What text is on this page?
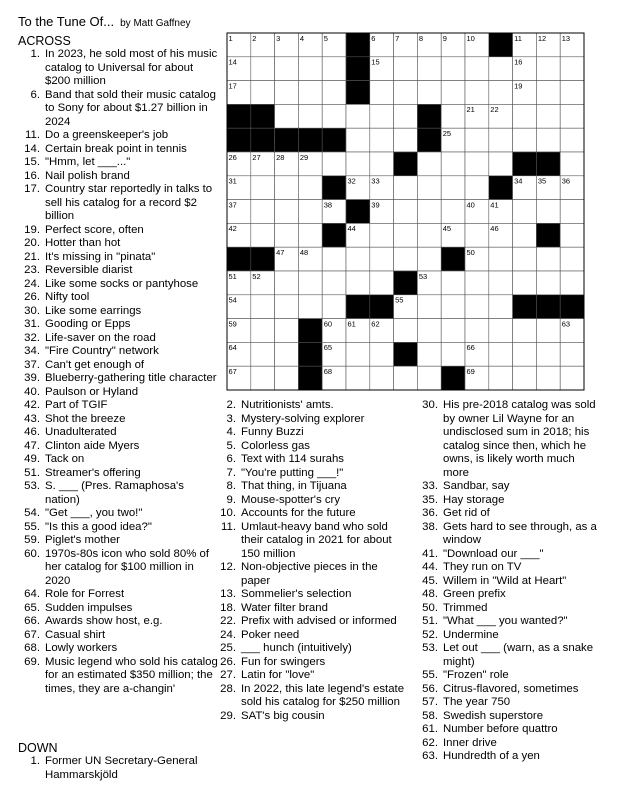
To the Tune Of... by Matt Gaffney
ACROSS
1. In 2023, he sold most of his music catalog to Universal for about $200 million
6. Band that sold their music catalog to Sony for about $1.27 billion in 2024
11. Do a greenskeeper's job
14. Certain break point in tennis
15. "Hmm, let ___..."
16. Nail polish brand
17. Country star reportedly in talks to sell his catalog for a record $2 billion
19. Perfect score, often
20. Hotter than hot
21. It's missing in "pinata"
23. Reversible diarist
24. Like some socks or pantyhose
26. Nifty tool
30. Like some earrings
31. Gooding or Epps
32. Life-saver on the road
34. "Fire Country" network
37. Can't get enough of
39. Blueberry-gathering title character
40. Paulson or Hyland
42. Part of TGIF
43. Shot the breeze
46. Unadulterated
47. Clinton aide Myers
49. Tack on
51. Streamer's offering
53. S. ___ (Pres. Ramaphosa's nation)
54. "Get ___, you two!"
55. "Is this a good idea?"
59. Piglet's mother
60. 1970s-80s icon who sold 80% of her catalog for $100 million in 2020
64. Role for Forrest
65. Sudden impulses
66. Awards show host, e.g.
67. Casual shirt
68. Lowly workers
69. Music legend who sold his catalog for an estimated $350 million; the times, they are a-changin'
DOWN
1. Former UN Secretary-General Hammarskjöld
2. Nutritionists' amts.
3. Mystery-solving explorer
4. Funny Buzzi
5. Colorless gas
6. Text with 114 surahs
7. "You're putting ___!"
8. That thing, in Tijuana
9. Mouse-spotter's cry
10. Accounts for the future
11. Umlaut-heavy band who sold their catalog in 2021 for about 150 million
12. Non-objective pieces in the paper
13. Sommelier's selection
18. Water filter brand
22. Prefix with advised or informed
24. Poker need
25. ___ hunch (intuitively)
26. Fun for swingers
27. Latin for "love"
28. In 2022, this late legend's estate sold his catalog for $250 million
29. SAT's big cousin
30. His pre-2018 catalog was sold by owner Lil Wayne for an undisclosed sum in 2018; his catalog since then, which he owns, is likely worth much more
33. Sandbar, say
35. Hay storage
36. Get rid of
38. Gets hard to see through, as a window
41. "Download our ___"
44. They run on TV
45. Willem in "Wild at Heart"
48. Green prefix
50. Trimmed
51. "What ___ you wanted?"
52. Undermine
53. Let out ___ (warn, as a snake might)
55. "Frozen" role
56. Citrus-flavored, sometimes
57. The year 750
58. Swedish superstore
61. Number before quattro
62. Inner drive
63. Hundredth of a yen
1	2	3	4	5	6	7	8	9	10	11 12 13
14	15	16
17	18	19
20	21 22
23	24 25
26 27 28 29	30
31	32 33	34 35 36
37	38	39	40 41
42	43 44	45	46
47 48	49 50
51 52	53
54	55	56 57 58
59	60 61 62	63
64	65	66
67	68	69
